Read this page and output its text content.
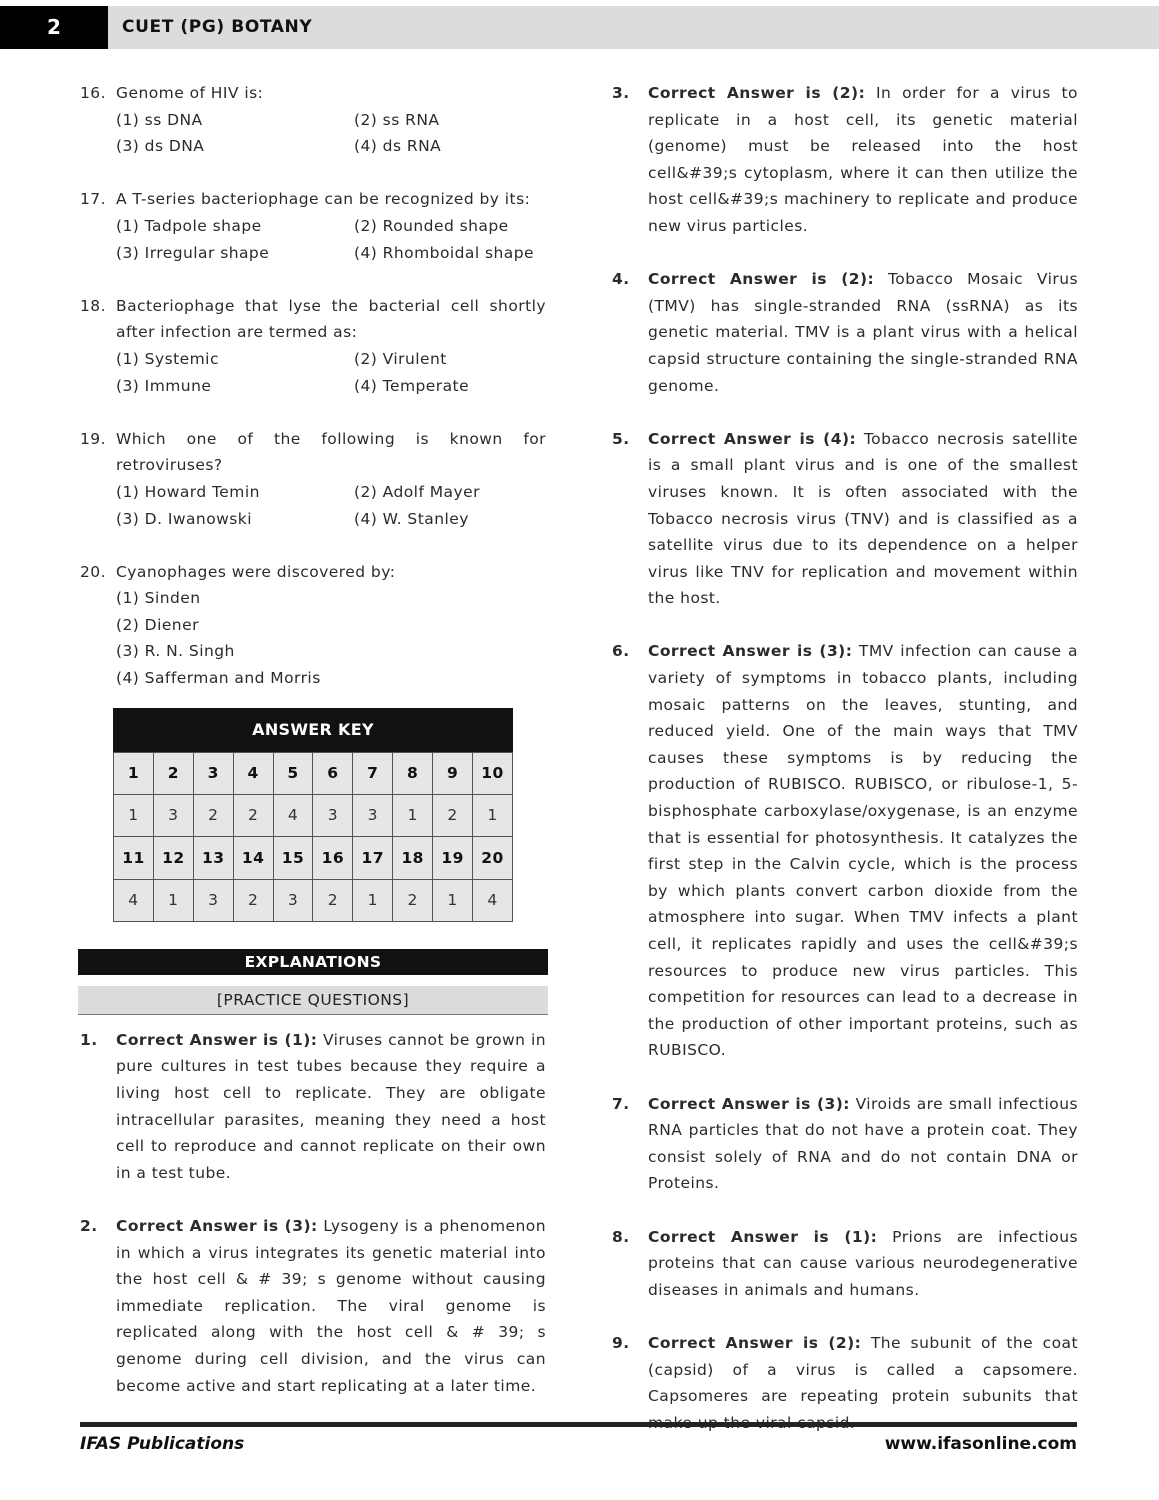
2	CUET (PG) BOTANY
16. Genome of HIV is:
(1) ss DNA	(2) ss RNA
(3) ds DNA	(4) ds RNA
17. A T-series bacteriophage can be recognized by its:
(1) Tadpole shape	(2) Rounded shape
(3) Irregular shape	(4) Rhomboidal shape
18. Bacteriophage that lyse the bacterial cell shortly after infection are termed as:
(1) Systemic	(2) Virulent
(3) Immune	(4) Temperate
19. Which one of the following is known for retroviruses?
(1) Howard Temin	(2) Adolf Mayer
(3) D. Iwanowski	(4) W. Stanley
20. Cyanophages were discovered by:
(1) Sinden
(2) Diener
(3) R. N. Singh
(4) Safferman and Morris
ANSWER KEY
1	2	3	4	5	6	7	8	9	10
1	3	2	2	4	3	3	1	2	1
11	12	13	14	15	16	17	18	19	20
4	1	3	2	3	2	1	2	1	4
EXPLANATIONS
[PRACTICE QUESTIONS]
1. Correct Answer is (1): Viruses cannot be grown in pure cultures in test tubes because they require a living host cell to replicate. They are obligate intracellular parasites, meaning they need a host cell to reproduce and cannot replicate on their own in a test tube.
2. Correct Answer is (3): Lysogeny is a phenomenon in which a virus integrates its genetic material into the host cell & # 39; s genome without causing immediate replication. The viral genome is replicated along with the host cell & # 39; s genome during cell division, and the virus can become active and start replicating at a later time.
3. Correct Answer is (2): In order for a virus to replicate in a host cell, its genetic material (genome) must be released into the host cell&#39;s cytoplasm, where it can then utilize the host cell&#39;s machinery to replicate and produce new virus particles.
4. Correct Answer is (2): Tobacco Mosaic Virus (TMV) has single-stranded RNA (ssRNA) as its genetic material. TMV is a plant virus with a helical capsid structure containing the single-stranded RNA genome.
5. Correct Answer is (4): Tobacco necrosis satellite is a small plant virus and is one of the smallest viruses known. It is often associated with the Tobacco necrosis virus (TNV) and is classified as a satellite virus due to its dependence on a helper virus like TNV for replication and movement within the host.
6. Correct Answer is (3): TMV infection can cause a variety of symptoms in tobacco plants, including mosaic patterns on the leaves, stunting, and reduced yield. One of the main ways that TMV causes these symptoms is by reducing the production of RUBISCO. RUBISCO, or ribulose-1, 5-bisphosphate carboxylase/oxygenase, is an enzyme that is essential for photosynthesis. It catalyzes the first step in the Calvin cycle, which is the process by which plants convert carbon dioxide from the atmosphere into sugar. When TMV infects a plant cell, it replicates rapidly and uses the cell&#39;s resources to produce new virus particles. This competition for resources can lead to a decrease in the production of other important proteins, such as RUBISCO.
7. Correct Answer is (3): Viroids are small infectious RNA particles that do not have a protein coat. They consist solely of RNA and do not contain DNA or Proteins.
8. Correct Answer is (1): Prions are infectious proteins that can cause various neurodegenerative diseases in animals and humans.
9. Correct Answer is (2): The subunit of the coat (capsid) of a virus is called a capsomere. Capsomeres are repeating protein subunits that
IFAS Publications	www.ifasonline.com
